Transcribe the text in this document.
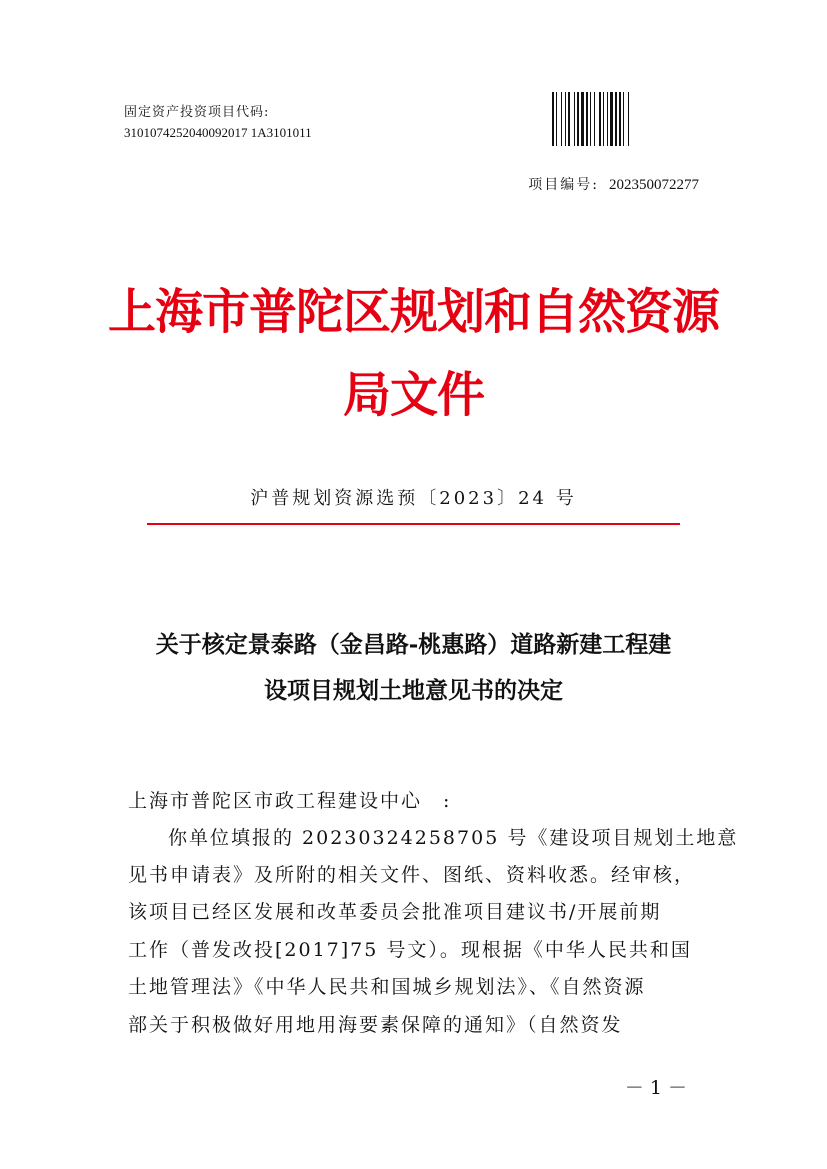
固定资产投资项目代码:
3101074252040092017 1A3101011
项目编号: 202350072277
上海市普陀区规划和自然资源
局文件
沪普规划资源选预〔2023〕24 号
关于核定景泰路（金昌路-桃惠路）道路新建工程建
设项目规划土地意见书的决定
上海市普陀区市政工程建设中心　:
你单位填报的 20230324258705 号《建设项目规划土地意
见书申请表》及所附的相关文件、图纸、资料收悉。经审核，
该项目已经区发展和改革委员会批准项目建议书/开展前期
工作（普发改投[2017]75 号文）。现根据《中华人民共和国
土地管理法》《中华人民共和国城乡规划法》、《自然资源
部关于积极做好用地用海要素保障的通知》（自然资发
－ 1 －
